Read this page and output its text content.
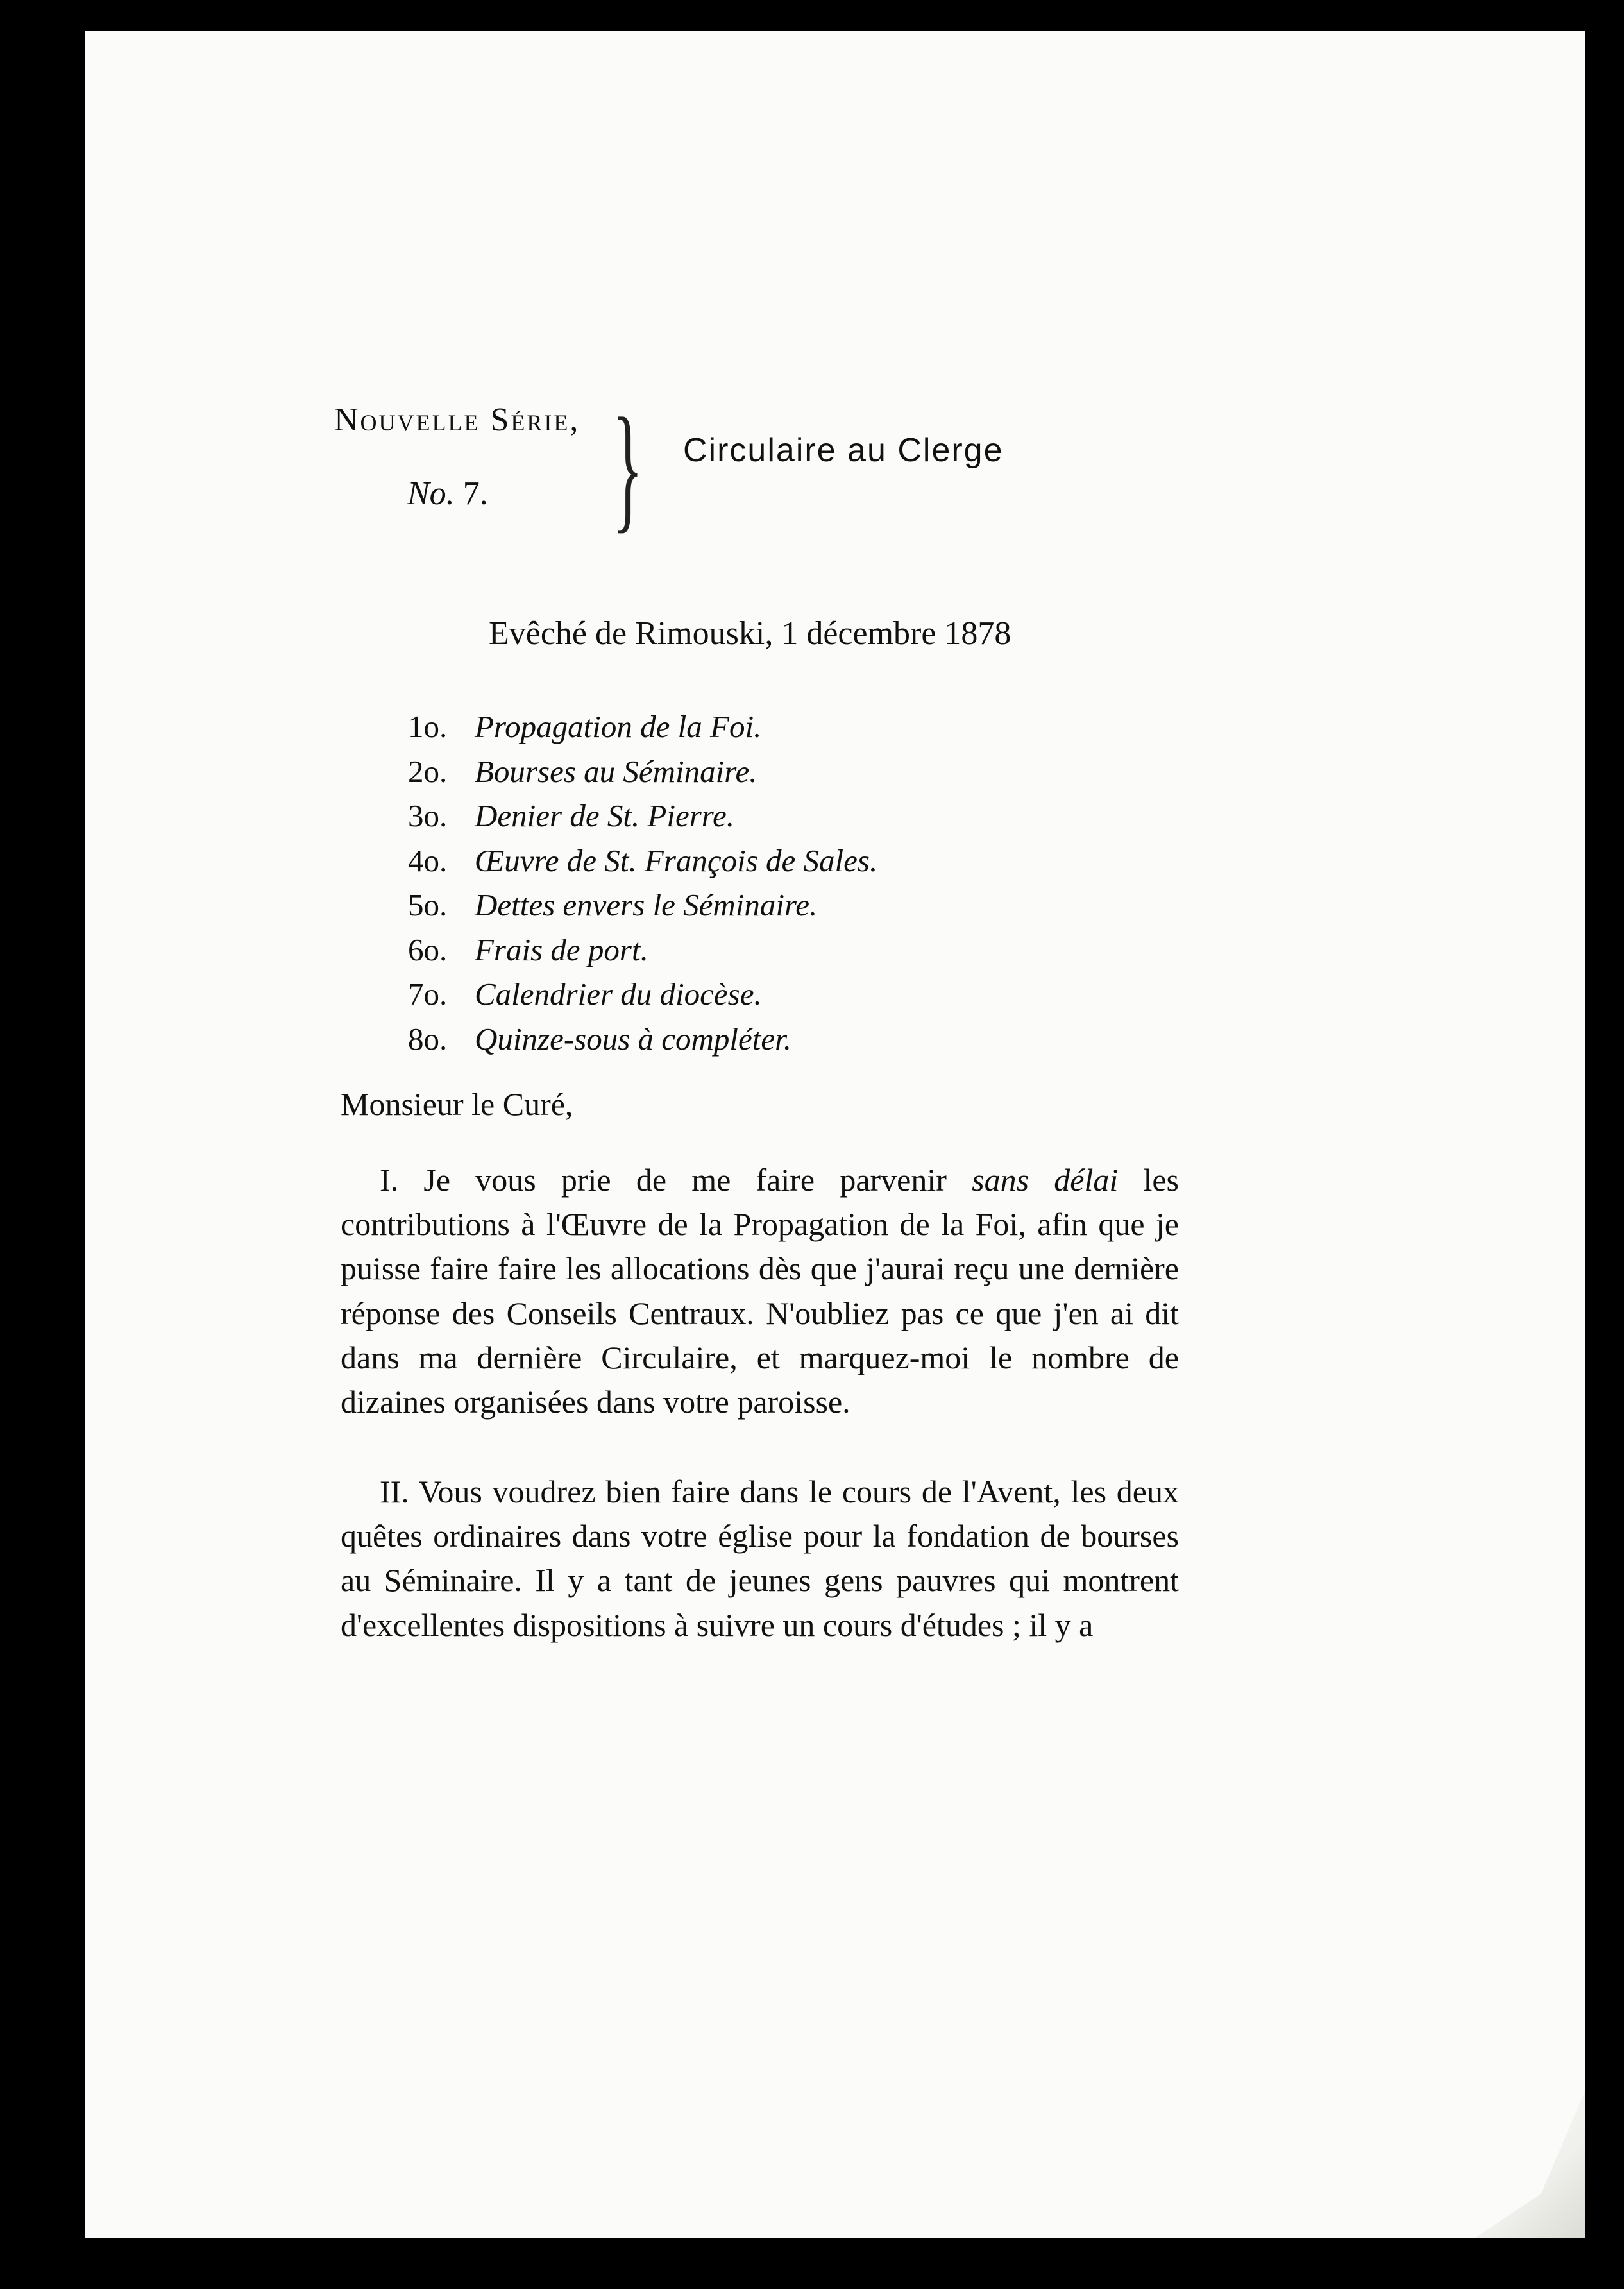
Nouvelle Série,
No. 7. } Circulaire au Clerge
Evêché de Rimouski, 1 décembre 1878
1o. Propagation de la Foi.
2o. Bourses au Séminaire.
3o. Denier de St. Pierre.
4o. Œuvre de St. François de Sales.
5o. Dettes envers le Séminaire.
6o. Frais de port.
7o. Calendrier du diocèse.
8o. Quinze-sous à compléter.
Monsieur le Curé,

I. Je vous prie de me faire parvenir sans délai les contributions à l'Œuvre de la Propagation de la Foi, afin que je puisse faire faire les allocations dès que j'aurai reçu une dernière réponse des Conseils Centraux. N'oubliez pas ce que j'en ai dit dans ma dernière Circulaire, et marquez-moi le nombre de dizaines organisées dans votre paroisse.

II. Vous voudrez bien faire dans le cours de l'Avent, les deux quêtes ordinaires dans votre église pour la fondation de bourses au Séminaire. Il y a tant de jeunes gens pauvres qui montrent d'excellentes dispositions à suivre un cours d'études ; il y a
